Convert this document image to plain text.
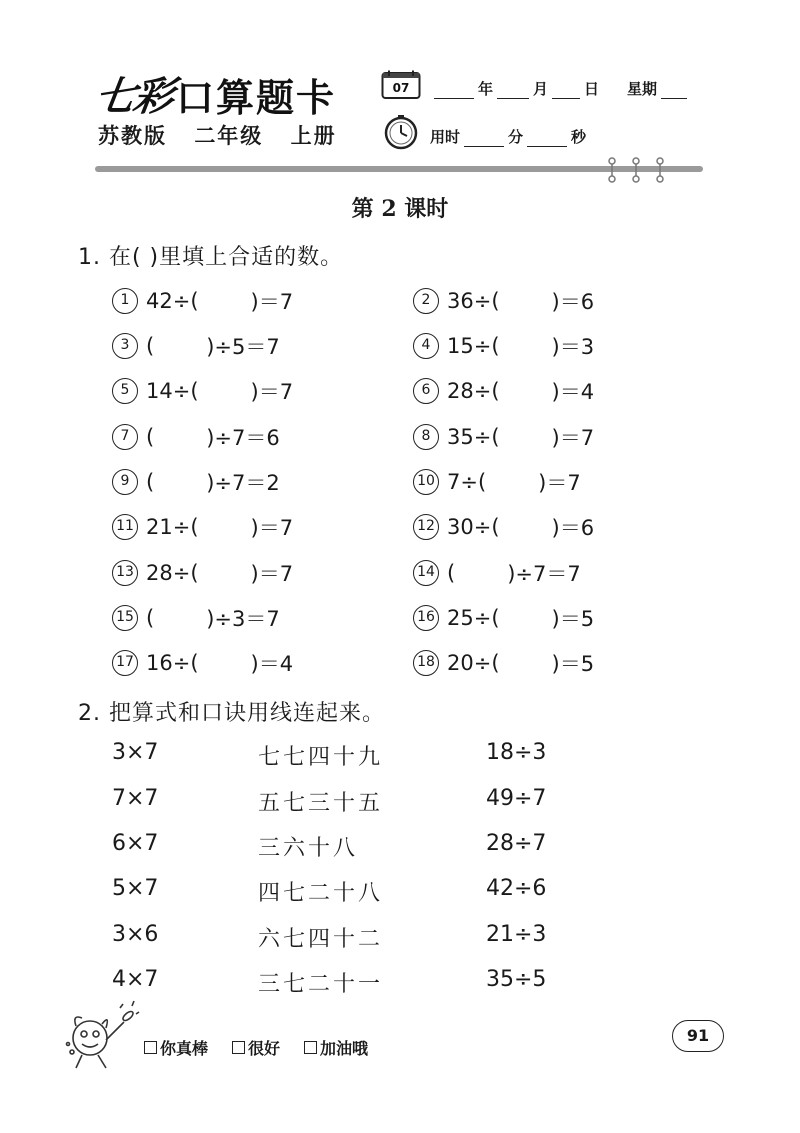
七彩 口算题卡
苏教版 二年级 上册
07	年	月 日 星期
用时	分	秒
第 2 课时
1. 在( )里填上合适的数。
1 42÷( )＝7	2 36÷( )＝6
3 ( )÷5＝7	4 15÷( )＝3
5 14÷( )＝7	6 28÷( )＝4
7 ( )÷7＝6	8 35÷( )＝7
9 ( )÷7＝2	10 7÷( )＝7
11 21÷( )＝7	12 30÷( )＝6
13 28÷( )＝7	14 ( )÷7＝7
15 ( )÷3＝7	16 25÷( )＝5
17 16÷( )＝4	18 20÷( )＝5
2. 把算式和口诀用线连起来。
3×7	七七四十九	18÷3
7×7	五七三十五	49÷7
6×7	三六十八	28÷7
5×7	四七二十八	42÷6
3×6	六七四十二	21÷3
4×7	三七二十一	35÷5
你真棒 很好 加油哦
91
